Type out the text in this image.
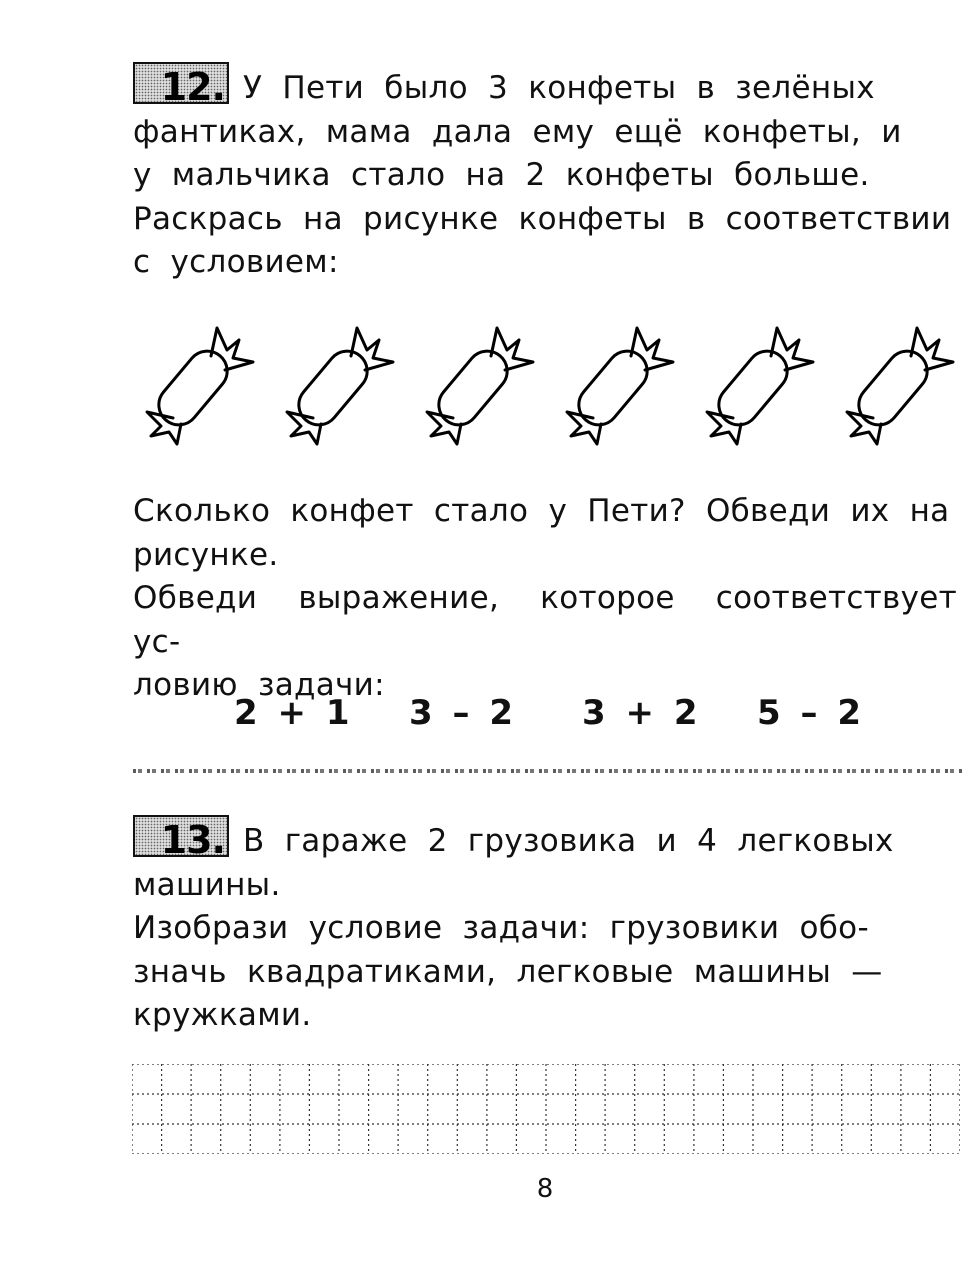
12. У Пети было 3 конфеты в зелёных

фантиках, мама дала ему ещё конфеты, и

у мальчика стало на 2 конфеты больше.

Раскрась на рисунке конфеты в соответствии

с условием:

Сколько конфет стало у Пети? Обведи их на

рисунке.

Обведи выражение, которое соответствует ус-

ловию задачи:

2 + 1 3 – 2 3 + 2 5 – 2

13. В гараже 2 грузовика и 4 легковых

машины.

Изобрази условие задачи: грузовики обо-

значь квадратиками, легковые машины —

кружками.

8
